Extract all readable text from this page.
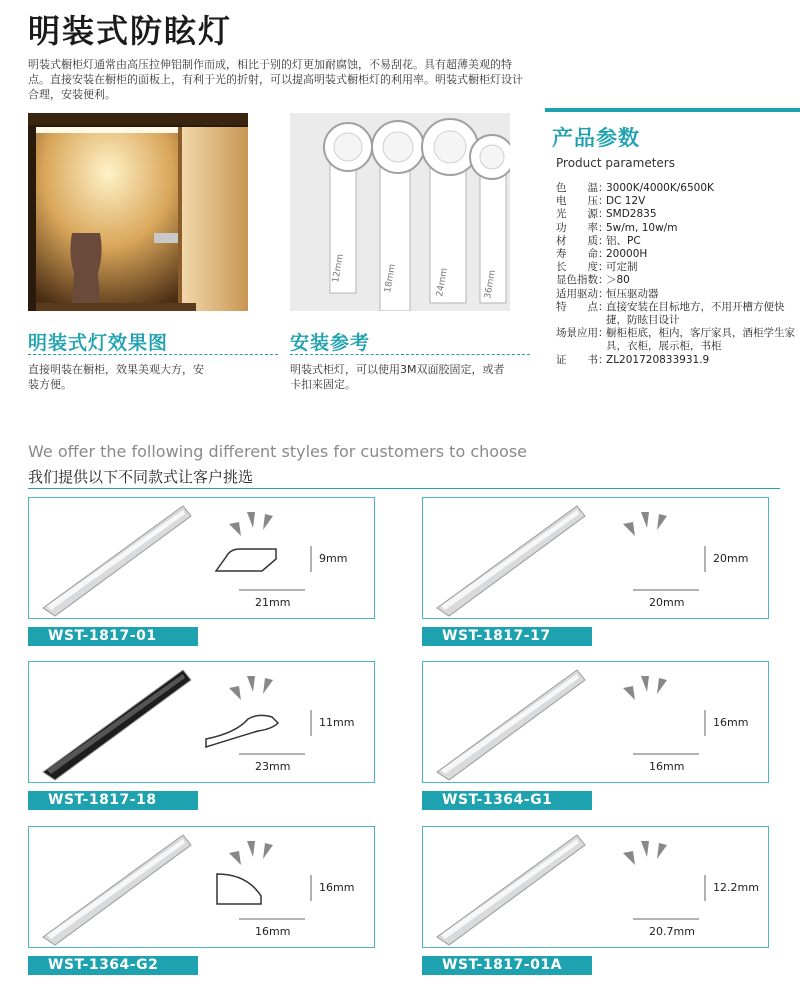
明装式防眩灯
明装式橱柜灯通常由高压拉伸铝制作而成，相比于别的灯更加耐腐蚀，不易刮花。具有超薄美观的特点。直接安装在橱柜的面板上，有利于光的折射，可以提高明装式橱柜灯的利用率。明装式橱柜灯设计合理，安装便利。
12mm	18mm	24mm	36mm
明装式灯效果图
直接明装在橱柜，效果美观大方，安装方便。
安装参考
明装式柜灯，可以使用3M双面胶固定，或者卡扣来固定。
产品参数
Product parameters
色　　温：
3000K/4000K/6500K
电　　压：
DC 12V
光　　源：
SMD2835
功　　率：
5w/m, 10w/m
材　　质：
铝、PC
寿　　命：
20000H
长　　度：
可定制
显色指数：
＞80
适用驱动：
恒压驱动器
特　　点：
直接安装在目标地方，不用开槽方便快捷，防眩目设计
场景应用：
橱柜柜底，柜内，客厅家具，酒柜学生家具，衣柜，展示柜，书柜
证　　书：
ZL201720833931.9
We offer the following different styles for customers to choose
我们提供以下不同款式让客户挑选
21mm
9mm
WST-1817-01
20mm
20mm
WST-1817-17
23mm
11mm
WST-1817-18
16mm
16mm
WST-1364-G1
16mm
16mm
WST-1364-G2
20.7mm
12.2mm
WST-1817-01A
